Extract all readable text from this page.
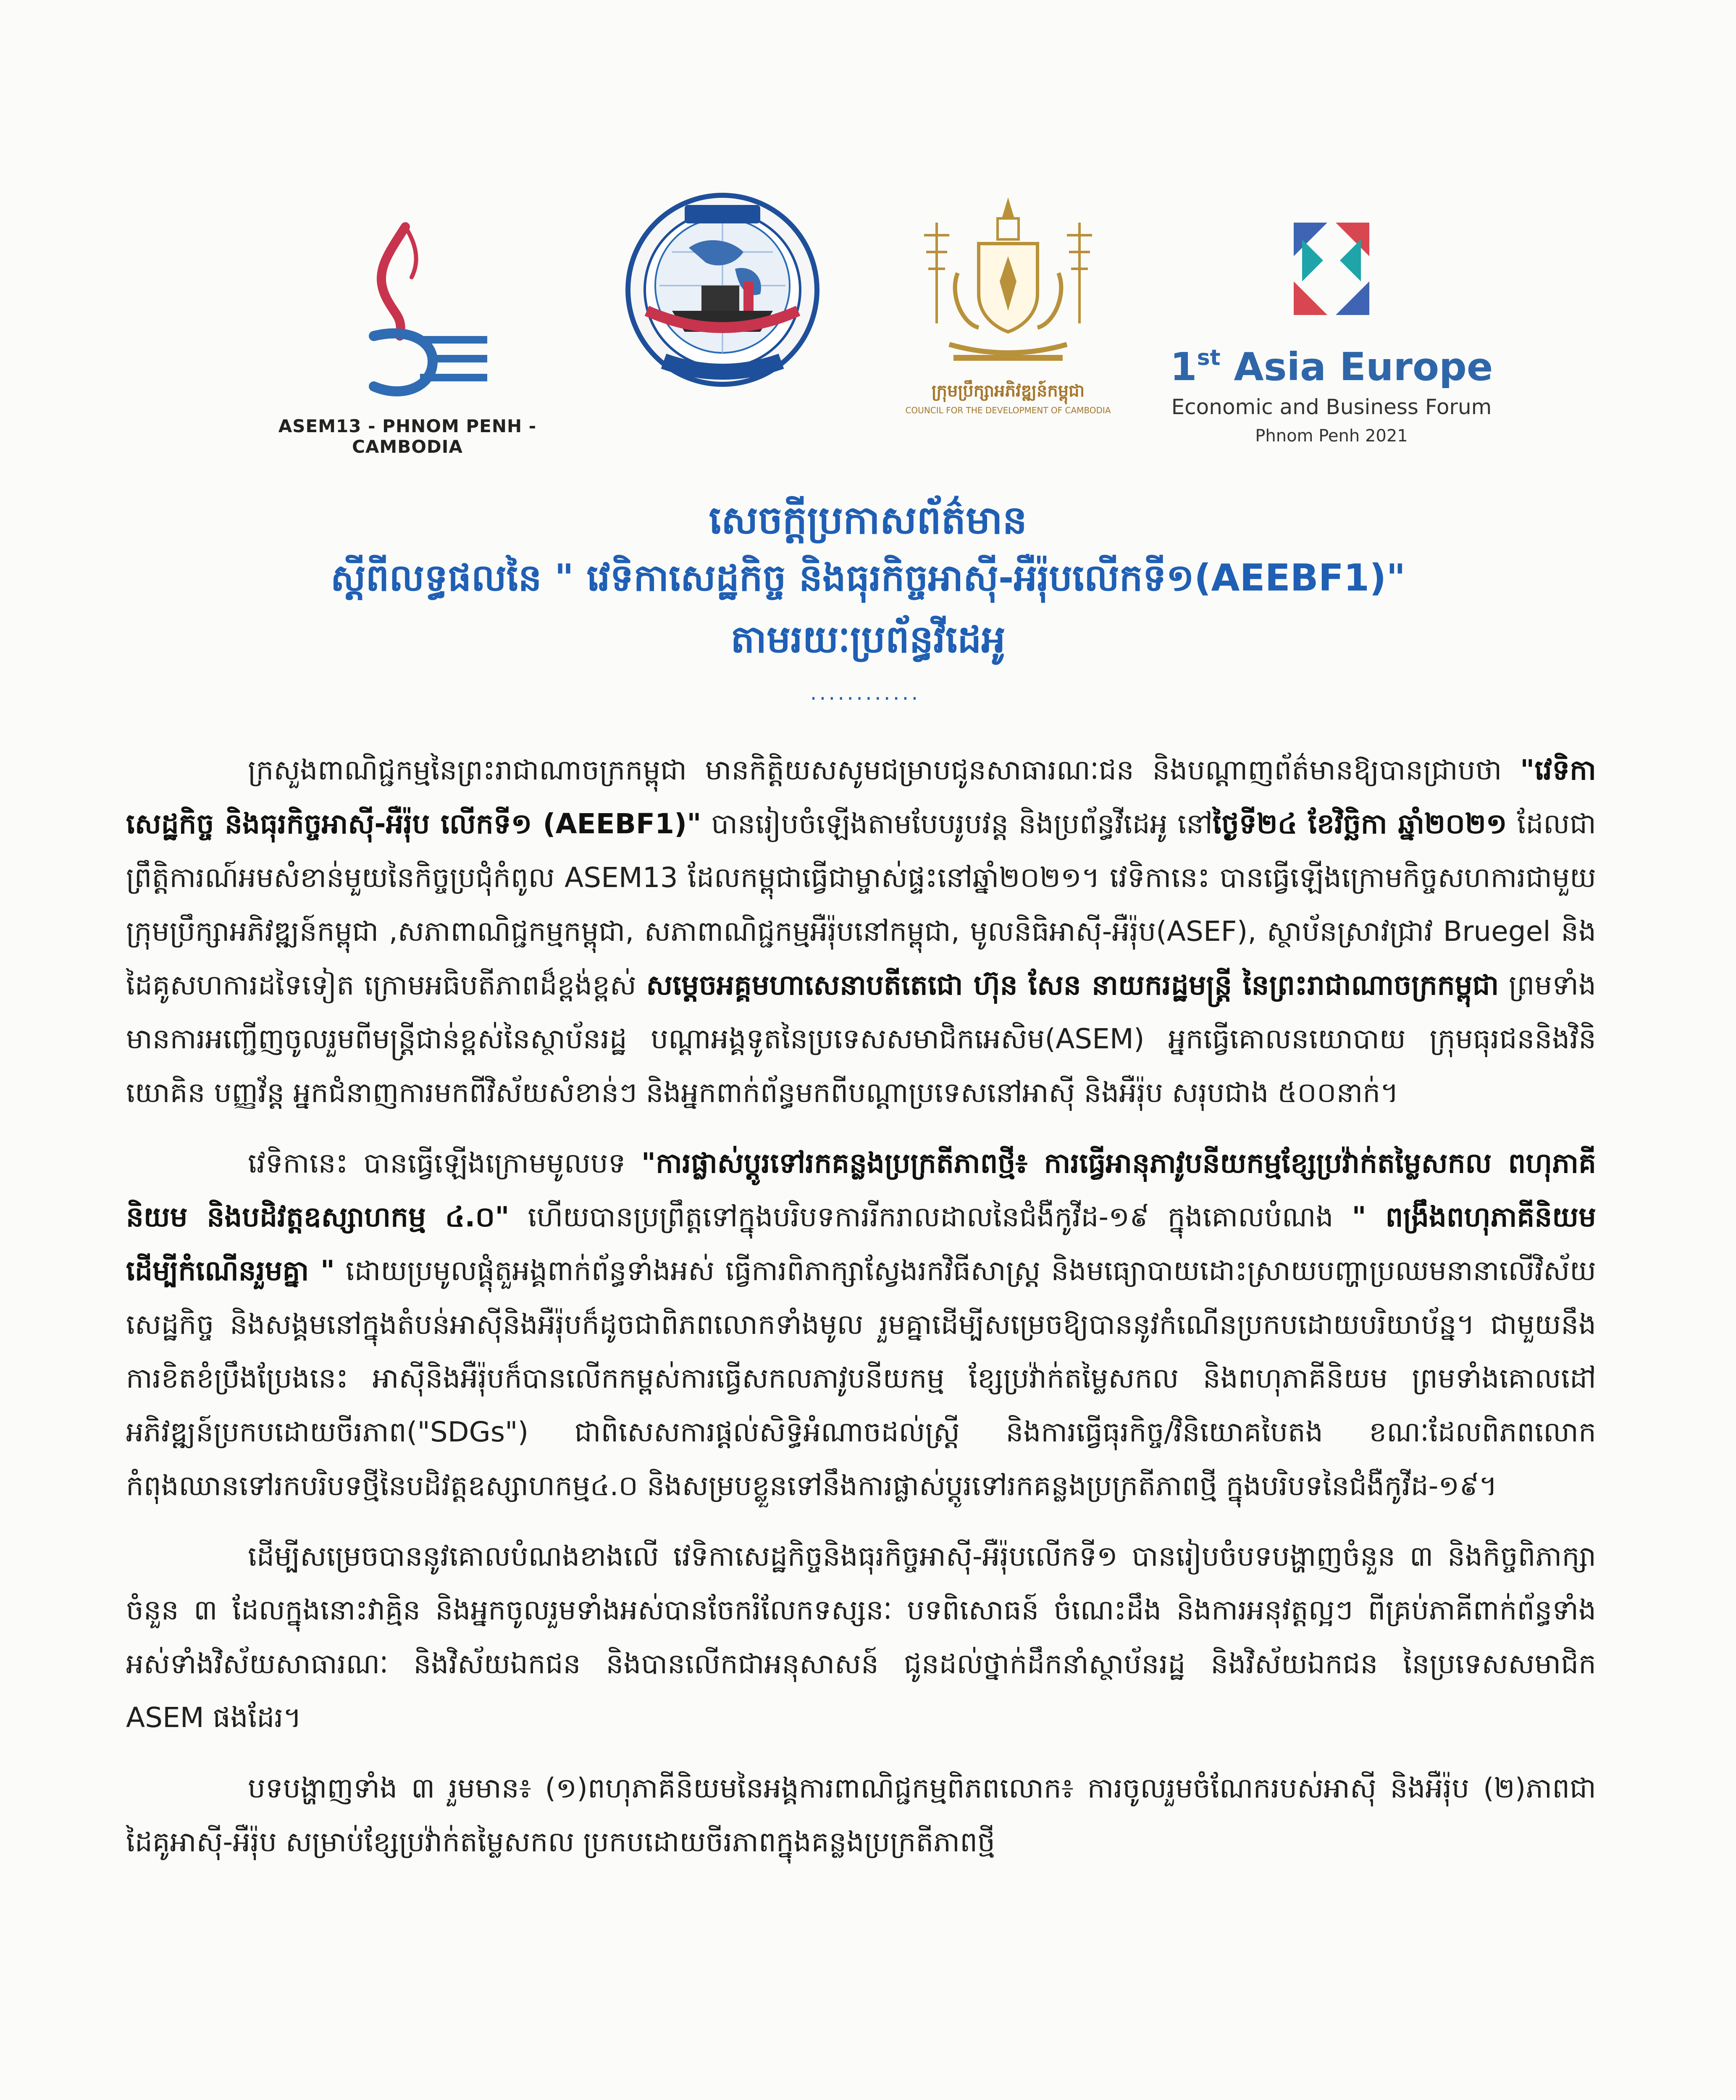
ASEM13 - PHNOM PENH - CAMBODIA
ក្រុមប្រឹក្សាអភិវឌ្ឍន៍កម្ពុជា
COUNCIL FOR THE DEVELOPMENT OF CAMBODIA
1st Asia Europe
Economic and Business Forum
Phnom Penh 2021
សេចក្តីប្រកាសព័ត៌មាន
ស្តីពីលទ្ធផលនៃ " វេទិកាសេដ្ឋកិច្ច និងធុរកិច្ចអាស៊ី-អឺរ៉ុបលើកទី១(AEEBF1)"
តាមរយៈប្រព័ន្ធវីដេអូ
............

ក្រសួងពាណិជ្ជកម្មនៃព្រះរាជាណាចក្រកម្ពុជា មានកិត្តិយសសូមជម្រាបជូនសាធារណៈជន និងបណ្តាញព័ត៌មានឱ្យបានជ្រាបថា "វេទិកាសេដ្ឋកិច្ច និងធុរកិច្ចអាស៊ី-អឺរ៉ុប លើកទី១ (AEEBF1)" បានរៀបចំឡើងតាមបែបរូបវន្ត និងប្រព័ន្ធវីដេអូ នៅថ្ងៃទី២៤ ខែវិច្ឆិកា ឆ្នាំ២០២១ ដែលជាព្រឹត្តិការណ៍អមសំខាន់មួយនៃកិច្ចប្រជុំកំពូល ASEM13 ដែលកម្ពុជាធ្វើជាម្ចាស់ផ្ទះនៅឆ្នាំ២០២១។ វេទិកានេះ បានធ្វើឡើងក្រោមកិច្ចសហការជាមួយក្រុមប្រឹក្សាអភិវឌ្ឍន៍កម្ពុជា ,សភាពាណិជ្ជកម្មកម្ពុជា, សភាពាណិជ្ជកម្មអឺរ៉ុបនៅកម្ពុជា, មូលនិធិអាស៊ី-អឺរ៉ុប(ASEF), ស្ថាប័នស្រាវជ្រាវ Bruegel និងដៃគូសហការដទៃទៀត ក្រោមអធិបតីភាពដ៏ខ្ពង់ខ្ពស់ សម្តេចអគ្គមហាសេនាបតីតេជោ ហ៊ុន សែន នាយករដ្ឋមន្រ្តី នៃព្រះរាជាណាចក្រកម្ពុជា ព្រមទាំងមានការអញ្ជើញចូលរួមពីមន្រ្តីជាន់ខ្ពស់នៃស្ថាប័នរដ្ឋ បណ្តាអង្គទូតនៃប្រទេសសមាជិកអេសិម(ASEM) អ្នកធ្វើគោលនយោបាយ ក្រុមធុរជននិងវិនិយោគិន បញ្ញវ័ន្ត អ្នកជំនាញការមកពីវិស័យសំខាន់ៗ និងអ្នកពាក់ព័ន្ធមកពីបណ្តាប្រទេសនៅអាស៊ី និងអឺរ៉ុប សរុបជាង ៥០០នាក់។

វេទិកានេះ បានធ្វើឡើងក្រោមមូលបទ "ការផ្លាស់ប្តូរទៅរកគន្លងប្រក្រតីភាពថ្មី៖ ការធ្វើអានុភាវូបនីយកម្មខ្សែប្រវ៉ាក់តម្លៃសកល ពហុភាគីនិយម និងបដិវត្តឧស្សាហកម្ម ៤.០" ហើយបានប្រព្រឹត្តទៅក្នុងបរិបទការរីករាលដាលនៃជំងឺកូវីដ-១៩ ក្នុងគោលបំណង " ពង្រឹងពហុភាគីនិយម ដើម្បីកំណើនរួមគ្នា " ដោយប្រមូលផ្តុំតួអង្គពាក់ព័ន្ធទាំងអស់ ធ្វើការពិភាក្សាស្វែងរកវិធីសាស្រ្ត និងមធ្យោបាយដោះស្រាយបញ្ហាប្រឈមនានាលើវិស័យសេដ្ឋកិច្ច និងសង្គមនៅក្នុងតំបន់អាស៊ីនិងអឺរ៉ុបក៏ដូចជាពិភពលោកទាំងមូល រួមគ្នាដើម្បីសម្រេចឱ្យបាននូវកំណើនប្រកបដោយបរិយាប័ន្ន។ ជាមួយនឹងការខិតខំប្រឹងប្រែងនេះ អាស៊ីនិងអឺរ៉ុបក៏បានលើកកម្ពស់ការធ្វើសកលភាវូបនីយកម្ម ខ្សែប្រវ៉ាក់តម្លៃសកល និងពហុភាគីនិយម ព្រមទាំងគោលដៅអភិវឌ្ឍន៍ប្រកបដោយចីរភាព("SDGs") ជាពិសេសការផ្តល់សិទ្ធិអំណាចដល់ស្រ្តី និងការធ្វើធុរកិច្ច/វិនិយោគបៃតង ខណៈដែលពិភពលោកកំពុងឈានទៅរកបរិបទថ្មីនៃបដិវត្តឧស្សាហកម្ម៤.០ និងសម្របខ្លួនទៅនឹងការផ្លាស់ប្តូរទៅរកគន្លងប្រក្រតីភាពថ្មី ក្នុងបរិបទនៃជំងឺកូវីដ-១៩។

ដើម្បីសម្រេចបាននូវគោលបំណងខាងលើ វេទិកាសេដ្ឋកិច្ចនិងធុរកិច្ចអាស៊ី-អឺរ៉ុបលើកទី១ បានរៀបចំបទបង្ហាញចំនួន ៣ និងកិច្ចពិភាក្សាចំនួន ៣ ដែលក្នុងនោះវាគ្មិន និងអ្នកចូលរួមទាំងអស់បានចែករំលែកទស្សនៈ បទពិសោធន៍ ចំណេះដឹង និងការអនុវត្តល្អៗ ពីគ្រប់ភាគីពាក់ព័ន្ធទាំងអស់ទាំងវិស័យសាធារណៈ និងវិស័យឯកជន និងបានលើកជាអនុសាសន៍ ជូនដល់ថ្នាក់ដឹកនាំស្ថាប័នរដ្ឋ និងវិស័យឯកជន នៃប្រទេសសមាជិក ASEM ផងដែរ។

បទបង្ហាញទាំង ៣ រួមមាន៖ (១)ពហុភាគីនិយមនៃអង្គការពាណិជ្ជកម្មពិភពលោក៖ ការចូលរួមចំណែករបស់អាស៊ី និងអឺរ៉ុប (២)ភាពជាដៃគូអាស៊ី-អឺរ៉ុប សម្រាប់ខ្សែប្រវ៉ាក់តម្លៃសកល ប្រកបដោយចីរភាពក្នុងគន្លងប្រក្រតីភាពថ្មី
